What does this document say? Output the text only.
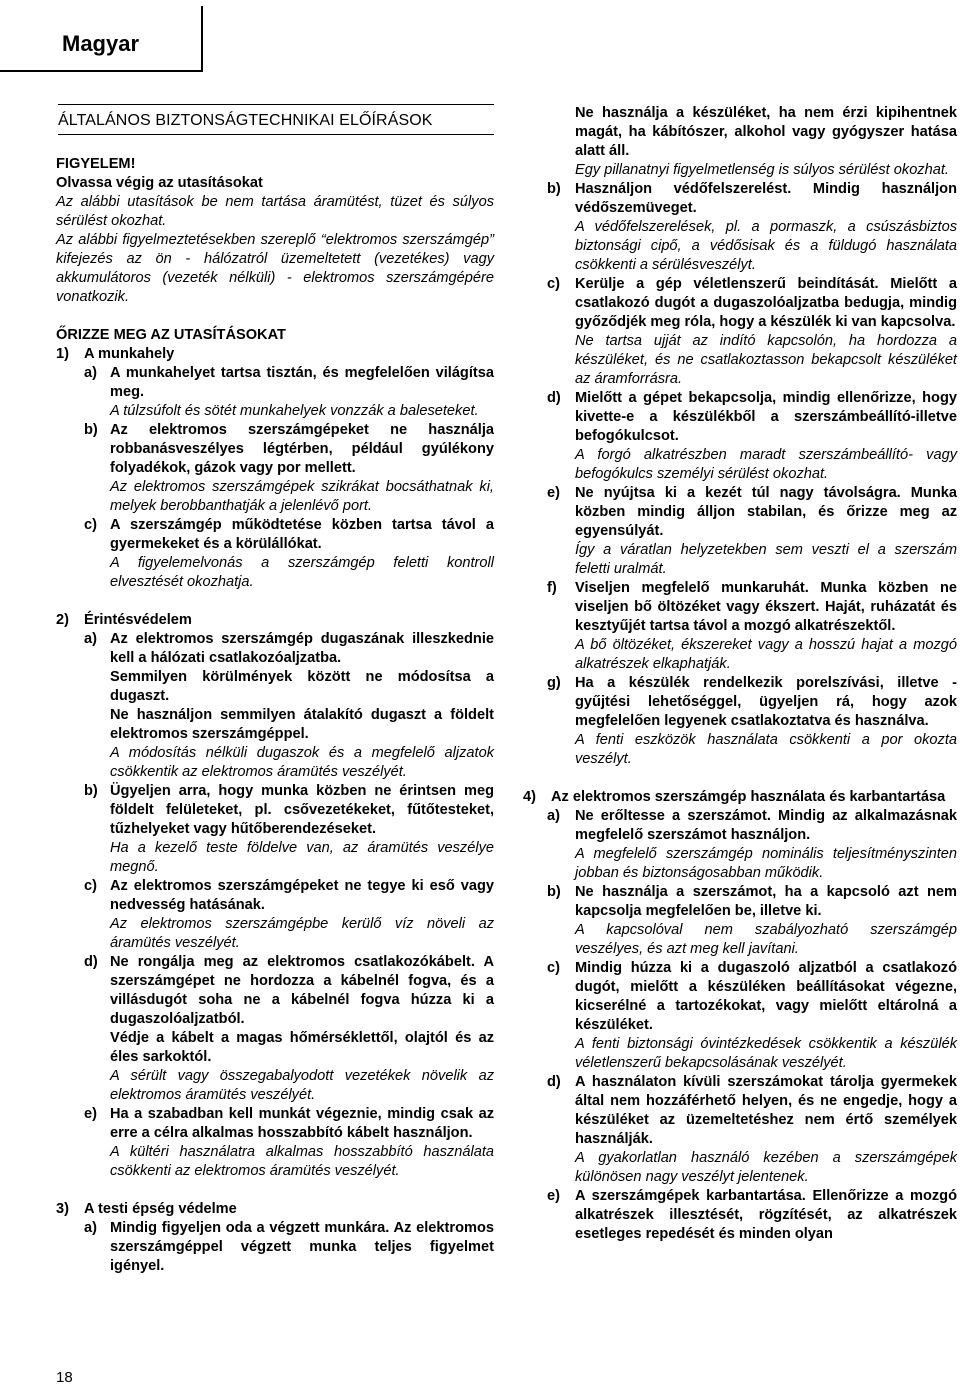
Magyar
ÁLTALÁNOS BIZTONSÁGTECHNIKAI ELŐÍRÁSOK

FIGYELEM!

Olvassa végig az utasításokat

Az alábbi utasítások be nem tartása áramütést, tüzet és súlyos sérülést okozhat.

Az alábbi figyelmeztetésekben szereplő “elektromos szerszámgép” kifejezés az ön - hálózatról üzemeltetett (vezetékes) vagy akkumulátoros (vezeték nélküli) - elektromos szerszámgépére vonatkozik.

ŐRIZZE MEG AZ UTASÍTÁSOKAT

1)	A munkahely
a) A munkahelyet tartsa tisztán, és megfelelően világítsa meg.

A túlzsúfolt és sötét munkahelyek vonzzák a baleseteket.

b) Az elektromos szerszámgépeket ne használja robbanásveszélyes légtérben, például gyúlékony folyadékok, gázok vagy por mellett.

Az elektromos szerszámgépek szikrákat bocsáthatnak ki, melyek berobbanthatják a jelenlévő port.

c) A szerszámgép működtetése közben tartsa távol a gyermekeket és a körülállókat.

A figyelemelvonás a szerszámgép feletti kontroll elvesztését okozhatja.

2)	Érintésvédelem
a) Az elektromos szerszámgép dugaszának illeszkednie kell a hálózati csatlakozóaljzatba.

Semmilyen körülmények között ne módosítsa a dugaszt.

Ne használjon semmilyen átalakító dugaszt a földelt elektromos szerszámgéppel.

A módosítás nélküli dugaszok és a megfelelő aljzatok csökkentik az elektromos áramütés veszélyét.

b) Ügyeljen arra, hogy munka közben ne érintsen meg földelt felületeket, pl. csővezetékeket, fűtőtesteket, tűzhelyeket vagy hűtőberendezéseket.

Ha a kezelő teste földelve van, az áramütés veszélye megnő.

c) Az elektromos szerszámgépeket ne tegye ki eső vagy nedvesség hatásának.

Az elektromos szerszámgépbe kerülő víz növeli az áramütés veszélyét.

d) Ne rongálja meg az elektromos csatlakozókábelt. A szerszámgépet ne hordozza a kábelnél fogva, és a villásdugót soha ne a kábelnél fogva húzza ki a dugaszolóaljzatból.

Védje a kábelt a magas hőmérséklettől, olajtól és az éles sarkoktól.

A sérült vagy összegabalyodott vezetékek növelik az elektromos áramütés veszélyét.

e) Ha a szabadban kell munkát végeznie, mindig csak az erre a célra alkalmas hosszabbító kábelt használjon.

A kültéri használatra alkalmas hosszabbító használata csökkenti az elektromos áramütés veszélyét.

3)	A testi épség védelme
a) Mindig figyeljen oda a végzett munkára. Az elektromos szerszámgéppel végzett munka teljes figyelmet igényel.

Ne használja a készüléket, ha nem érzi kipihentnek magát, ha kábítószer, alkohol vagy gyógyszer hatása alatt áll.

Egy pillanatnyi figyelmetlenség is súlyos sérülést okozhat.

b) Használjon védőfelszerelést. Mindig használjon védőszemüveget.

A védőfelszerelések, pl. a pormaszk, a csúszásbiztos biztonsági cipő, a védősisak és a füldugó használata csökkenti a sérülésveszélyt.

c)	Kerülje a gép véletlenszerű beindítását. Mielőtt a csatlakozó dugót a dugaszolóaljzatba bedugja, mindig győződjék meg róla, hogy a készülék ki van kapcsolva.

Ne tartsa ujját az indító kapcsolón, ha hordozza a készüléket, és ne csatlakoztasson bekapcsolt készüléket az áramforrásra.

d) Mielőtt a gépet bekapcsolja, mindig ellenőrizze, hogy kivette-e a készülékből a szerszámbeállító-illetve befogókulcsot.

A forgó alkatrészben maradt szerszámbeállító- vagy befogókulcs személyi sérülést okozhat.

e)	Ne nyújtsa ki a kezét túl nagy távolságra. Munka közben mindig álljon stabilan, és őrizze meg az egyensúlyát.

Így a váratlan helyzetekben sem veszti el a szerszám feletti uralmát.

f)	Viseljen megfelelő munkaruhát. Munka közben ne viseljen bő öltözéket vagy ékszert. Haját, ruházatát és kesztyűjét tartsa távol a mozgó alkatrészektől.

A bő öltözéket, ékszereket vagy a hosszú hajat a mozgó alkatrészek elkaphatják.

g) Ha a készülék rendelkezik porelszívási, illetve - gyűjtési lehetőséggel, ügyeljen rá, hogy azok megfelelően legyenek csatlakoztatva és használva.

A fenti eszközök használata csökkenti a por okozta veszélyt.

4)	Az elektromos szerszámgép használata és karbantartása
a)	Ne erőltesse a szerszámot. Mindig az alkalmazásnak megfelelő szerszámot használjon.

A megfelelő szerszámgép nominális teljesítményszinten jobban és biztonságosabban működik.

b) Ne használja a szerszámot, ha a kapcsoló azt nem kapcsolja megfelelően be, illetve ki.

A kapcsolóval nem szabályozható szerszámgép veszélyes, és azt meg kell javítani.

c)	Mindig húzza ki a dugaszoló aljzatból a csatlakozó dugót, mielőtt a készüléken beállításokat végezne, kicserélné a tartozékokat, vagy mielőtt eltárolná a készüléket.

A fenti biztonsági óvintézkedések csökkentik a készülék véletlenszerű bekapcsolásának veszélyét.

d) A használaton kívüli szerszámokat tárolja gyermekek által nem hozzáférhető helyen, és ne engedje, hogy a készüléket az üzemeltetéshez nem értő személyek használják.

A gyakorlatlan használó kezében a szerszámgépek különösen nagy veszélyt jelentenek.

e)	A szerszámgépek karbantartása. Ellenőrizze a mozgó alkatrészek illesztését, rögzítését, az alkatrészek esetleges repedését és minden olyan

18
